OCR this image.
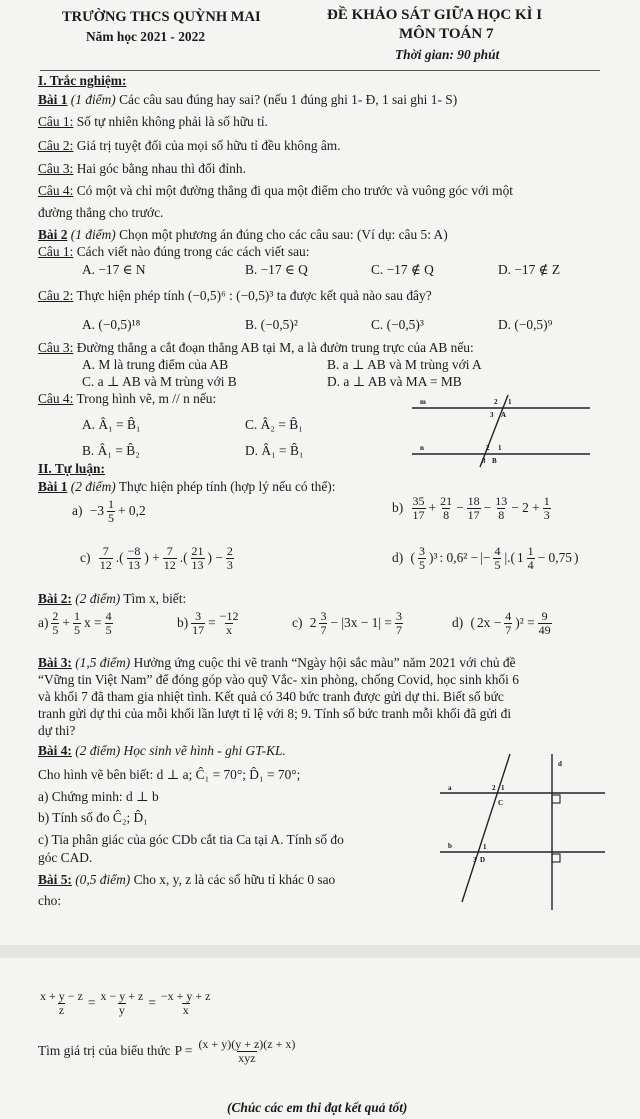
TRƯỜNG THCS QUỲNH MAI
Năm học 2021 - 2022
ĐỀ KHẢO SÁT GIỮA HỌC KÌ I
MÔN TOÁN 7
Thời gian: 90 phút
I. Trắc nghiệm:
Bài 1 (1 điểm) Các câu sau đúng hay sai? (nếu 1 đúng ghi 1- Đ, 1 sai ghi 1- S)
Câu 1: Số tự nhiên không phải là số hữu tỉ.
Câu 2: Giá trị tuyệt đối của mọi số hữu tỉ đều không âm.
Câu 3: Hai góc bằng nhau thì đối đỉnh.
Câu 4: Có một và chỉ một đường thẳng đi qua một điểm cho trước và vuông góc với một
đường thẳng cho trước.
Bài 2 (1 điểm) Chọn một phương án đúng cho các câu sau: (Ví dụ: câu 5: A)
Câu 1: Cách viết nào đúng trong các cách viết sau:
A. −17 ∈ N	B. −17 ∈ Q	C. −17 ∉ Q	D. −17 ∉ Z
Câu 2: Thực hiện phép tính (−0,5)⁶ : (−0,5)³ ta được kết quả nào sau đây?
A. (−0,5)¹⁸	B. (−0,5)²	C. (−0,5)³	D. (−0,5)⁹
Câu 3: Đường thẳng a cắt đoạn thẳng AB tại M, a là đườn trung trực của AB nếu:
A. M là trung điểm của AB	B. a ⊥ AB và M trùng với A
C. a ⊥ AB và M trùng với B	D. a ⊥ AB và MA = MB
Câu 4: Trong hình vẽ, m // n nếu:
A. Â₁ = B̂₁	C. Â₂ = B̂₁
B. Â₁ = B̂₂	D. Â₁ = B̂₁
m
n
1
2
3 A
1
2
3 B
II. Tự luận:
Bài 1 (2 điểm) Thực hiện phép tính (hợp lý nếu có thể):
a)
$-3 \frac{1}{5} + 0,2$	b)
$\frac{35}{17} + \frac{21}{8} - \frac{18}{17} - \frac{13}{8} - 2 + \frac{1}{3}$
c)
$\frac{7}{12}$ .( $\frac{-8}{13}$ ) + $\frac{7}{12}$ .( $\frac{21}{13}$ ) − $\frac{2}{3}$	d)
( $\frac{3}{5} )^3$ : 0,6² − |− $\frac{4}{5}$ |.( $1 \frac{1}{4} - 0,75$ )
Bài 2: (2 điểm) Tìm x, biết:
$a) \frac{2}{5} + \frac{1}{5}$ $x = \frac{4}{5}$	$b) \frac{3}{17} = \frac{-12}{x}$	c)
$2 \frac{3}{7} - |3x - 1| = \frac{3}{7}$	d)
( $2x - \frac{4}{7} )^2 = \frac{9}{49}$
Bài 3: (1,5 điểm) Hưởng ứng cuộc thi vẽ tranh “Ngày hội sắc màu” năm 2021 với chủ đề
“Vững tin Việt Nam” để đóng góp vào quỹ Vắc- xin phòng, chống Covid, học sinh khối 6
và khối 7 đã tham gia nhiệt tình. Kết quả có 340 bức tranh được gửi dự thi. Biết số bức
tranh gửi dự thi của mỗi khối lần lượt tỉ lệ với 8; 9. Tính số bức tranh mỗi khối đã gửi đi
dự thi?
Bài 4: (2 điểm) Học sinh vẽ hình - ghi GT-KL.
Cho hình vẽ bên biết: d ⊥ a; Ĉ₁ = 70°; D̂₁ = 70°;
a) Chứng minh: d ⊥ b
b) Tính số đo Ĉ₂; D̂₁
c) Tia phân giác của góc CDb cắt tia Ca tại A. Tính số đo
góc CAD.
Bài 5: (0,5 điểm) Cho x, y, z là các số hữu tỉ khác 0 sao
cho:
d
a
b
C
D
1
2
1
3
$\frac{x + y - z}{z} = \frac{x - y + z}{y} = \frac{-x + y + z}{x}$
Tìm giá trị của biểu thức $P = \frac{(x + y)(y + z)(z + x)}{\text{xyz}}$
(Chúc các em thi đạt kết quả tốt)
